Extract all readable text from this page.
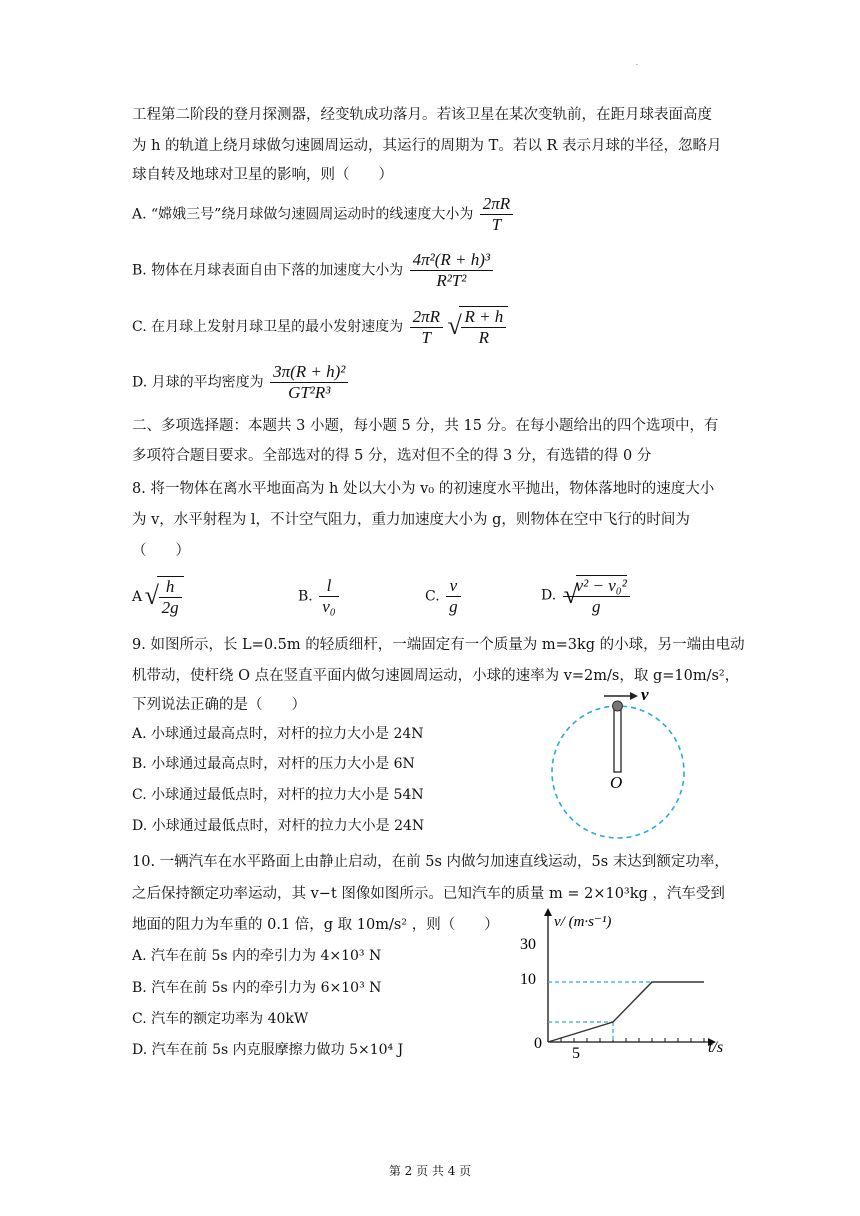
.
工程第二阶段的登月探测器，经变轨成功落月。若该卫星在某次变轨前，在距月球表面高度
为 h 的轨道上绕月球做匀速圆周运动，其运行的周期为 T。若以 R 表示月球的半径，忽略月
球自转及地球对卫星的影响，则（　　）
A. “嫦娥三号”绕月球做匀速圆周运动时的线速度大小为 $\frac{2\pi R}{T}$
B. 物体在月球表面自由下落的加速度大小为 $\frac{\text{4π²(R + h)³}}{\text{R²T²}}$
C. 在月球上发射月球卫星的最小发射速度为 $\frac{2\pi R}{T}$
√ $\frac{R + h}{R}$
D. 月球的平均密度为 $\frac{\text{3π(R + h)²}}{\text{GT²R³}}$
二、多项选择题：本题共 3 小题，每小题 5 分，共 15 分。在每小题给出的四个选项中，有
多项符合题目要求。全部选对的得 5 分，选对但不全的得 3 分，有选错的得 0 分
8. 将一物体在离水平地面高为 h 处以大小为 v₀ 的初速度水平抛出，物体落地时的速度大小
为 v，水平射程为 l，不计空气阻力，重力加速度大小为 g，则物体在空中飞行的时间为
（　　）
A √ $\frac{h}{2g}$	B. $\frac{l}{\text{v₀}}$	C. $\frac{v}{g}$	D. √ $\frac{\text{v² − v₀²}}{g}$
9. 如图所示，长 L=0.5m 的轻质细杆，一端固定有一个质量为 m=3kg 的小球，另一端由电动
机带动，使杆绕 O 点在竖直平面内做匀速圆周运动，小球的速率为 v=2m/s，取 g=10m/s²，
下列说法正确的是（　　）
A. 小球通过最高点时，对杆的拉力大小是 24N
B. 小球通过最高点时，对杆的压力大小是 6N
C. 小球通过最低点时，对杆的拉力大小是 54N
D. 小球通过最低点时，对杆的拉力大小是 24N
v
O
10. 一辆汽车在水平路面上由静止启动，在前 5s 内做匀加速直线运动，5s 末达到额定功率，
之后保持额定功率运动，其 v−t 图像如图所示。已知汽车的质量 m = 2×10³kg ，汽车受到
地面的阻力为车重的 0.1 倍，g 取 10m/s² ，则（　　）
A. 汽车在前 5s 内的牵引力为 4×10³ N
B. 汽车在前 5s 内的牵引力为 6×10³ N
C. 汽车的额定功率为 40kW
D. 汽车在前 5s 内克服摩擦力做功 5×10⁴ J
30
10
0
5
v/ (m·s⁻¹)
t/s
第 2 页 共 4 页
